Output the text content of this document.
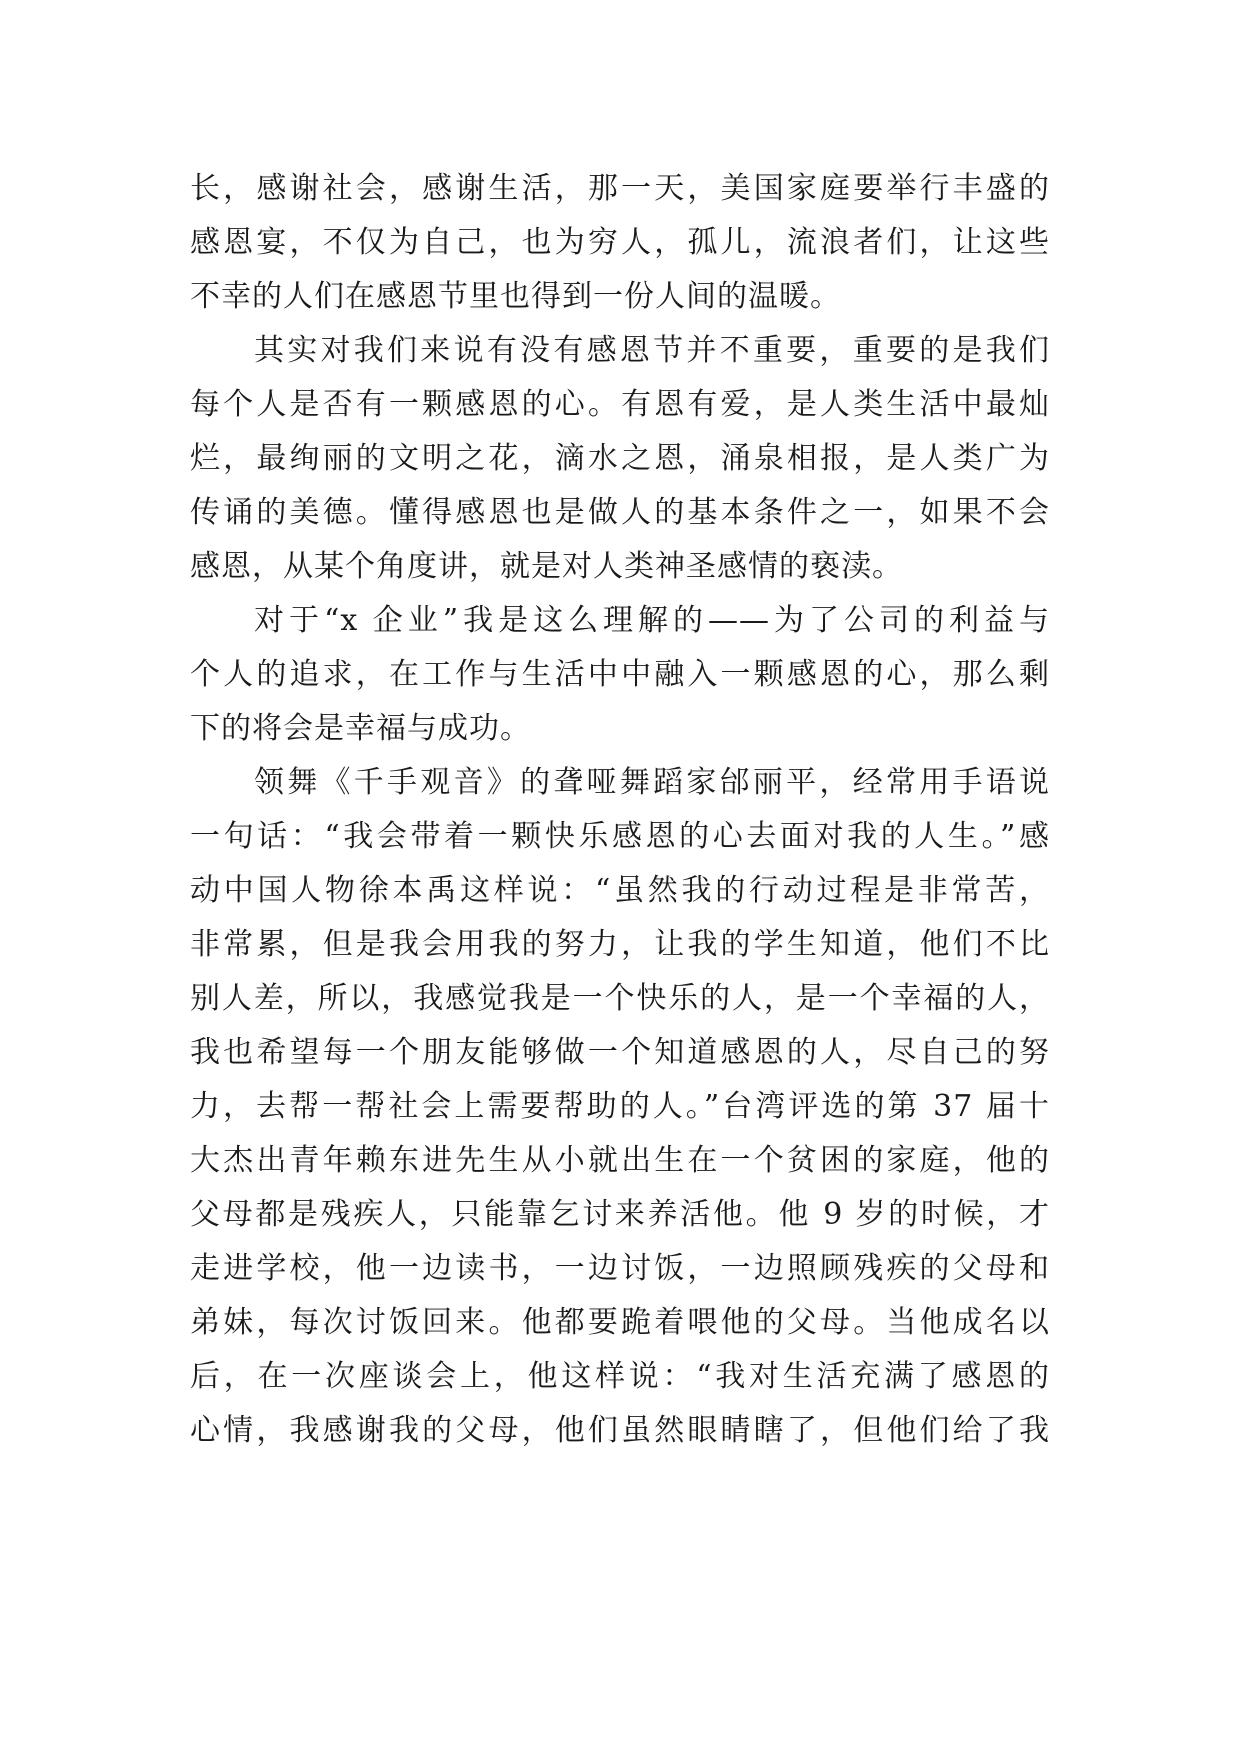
长，感谢社会，感谢生活，那一天，美国家庭要举行丰盛的
感恩宴，不仅为自己，也为穷人，孤儿，流浪者们，让这些
不幸的人们在感恩节里也得到一份人间的温暖。
其实对我们来说有没有感恩节并不重要，重要的是我们
每个人是否有一颗感恩的心。有恩有爱，是人类生活中最灿
烂，最绚丽的文明之花，滴水之恩，涌泉相报，是人类广为
传诵的美德。懂得感恩也是做人的基本条件之一，如果不会
感恩，从某个角度讲，就是对人类神圣感情的亵渎。
对于“x 企业”我是这么理解的——为了公司的利益与
个人的追求，在工作与生活中中融入一颗感恩的心，那么剩
下的将会是幸福与成功。
领舞《千手观音》的聋哑舞蹈家邰丽平，经常用手语说
一句话：“我会带着一颗快乐感恩的心去面对我的人生。”感
动中国人物徐本禹这样说：“虽然我的行动过程是非常苦，
非常累，但是我会用我的努力，让我的学生知道，他们不比
别人差，所以，我感觉我是一个快乐的人，是一个幸福的人，
我也希望每一个朋友能够做一个知道感恩的人，尽自己的努
力，去帮一帮社会上需要帮助的人。”台湾评选的第 37 届十
大杰出青年赖东进先生从小就出生在一个贫困的家庭，他的
父母都是残疾人，只能靠乞讨来养活他。他 9 岁的时候，才
走进学校，他一边读书，一边讨饭，一边照顾残疾的父母和
弟妹，每次讨饭回来。他都要跪着喂他的父母。当他成名以
后，在一次座谈会上，他这样说：“我对生活充满了感恩的
心情，我感谢我的父母，他们虽然眼睛瞎了，但他们给了我
